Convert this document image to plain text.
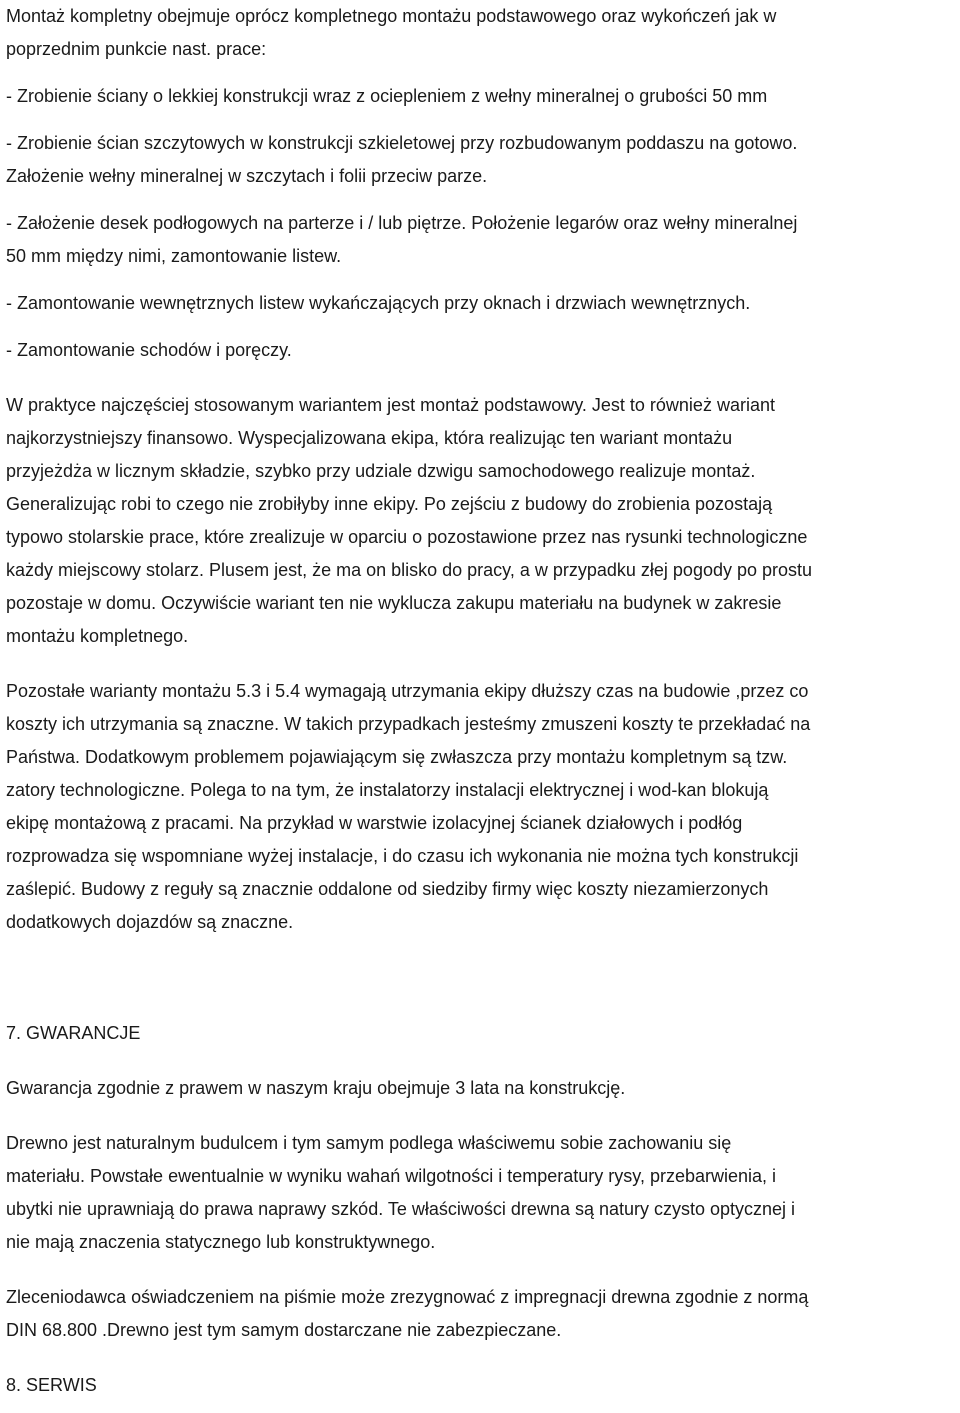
Montaż kompletny obejmuje oprócz kompletnego montażu podstawowego oraz wykończeń jak w
poprzednim punkcie nast. prace:

- Zrobienie ściany o lekkiej konstrukcji wraz z ociepleniem z wełny mineralnej o grubości 50 mm

- Zrobienie ścian szczytowych w konstrukcji szkieletowej przy rozbudowanym poddaszu na gotowo.
Założenie wełny mineralnej w szczytach i folii przeciw parze.

- Założenie desek podłogowych na parterze i / lub piętrze. Położenie legarów oraz wełny mineralnej
50 mm między nimi, zamontowanie listew.

- Zamontowanie wewnętrznych listew wykańczających przy oknach i drzwiach wewnętrznych.

- Zamontowanie schodów i poręczy.

W praktyce najczęściej stosowanym wariantem jest montaż podstawowy. Jest to również wariant
najkorzystniejszy finansowo. Wyspecjalizowana ekipa, która realizując ten wariant montażu
przyjeżdża w licznym składzie, szybko przy udziale dzwigu samochodowego realizuje montaż.
Generalizując robi to czego nie zrobiłyby inne ekipy. Po zejściu z budowy do zrobienia pozostają
typowo stolarskie prace, które zrealizuje w oparciu o pozostawione przez nas rysunki technologiczne
każdy miejscowy stolarz. Plusem jest, że ma on blisko do pracy, a w przypadku złej pogody po prostu
pozostaje w domu. Oczywiście wariant ten nie wyklucza zakupu materiału na budynek w zakresie
montażu kompletnego.

Pozostałe warianty montażu 5.3 i 5.4 wymagają utrzymania ekipy dłuższy czas na budowie ,przez co
koszty ich utrzymania są znaczne. W takich przypadkach jesteśmy zmuszeni koszty te przekładać na
Państwa. Dodatkowym problemem pojawiającym się zwłaszcza przy montażu kompletnym są tzw.
zatory technologiczne. Polega to na tym, że instalatorzy instalacji elektrycznej i wod-kan blokują
ekipę montażową z pracami. Na przykład w warstwie izolacyjnej ścianek działowych i podłóg
rozprowadza się wspomniane wyżej instalacje, i do czasu ich wykonania nie można tych konstrukcji
zaślepić. Budowy z reguły są znacznie oddalone od siedziby firmy więc koszty niezamierzonych
dodatkowych dojazdów są znaczne.

7. GWARANCJE

Gwarancja zgodnie z prawem w naszym kraju obejmuje 3 lata na konstrukcję.

Drewno jest naturalnym budulcem i tym samym podlega właściwemu sobie zachowaniu się
materiału. Powstałe ewentualnie w wyniku wahań wilgotności i temperatury rysy, przebarwienia, i
ubytki nie uprawniają do prawa naprawy szkód. Te właściwości drewna są natury czysto optycznej i
nie mają znaczenia statycznego lub konstruktywnego.

Zleceniodawca oświadczeniem na piśmie może zrezygnować z impregnacji drewna zgodnie z normą
DIN 68.800 .Drewno jest tym samym dostarczane nie zabezpieczane.

8. SERWIS
